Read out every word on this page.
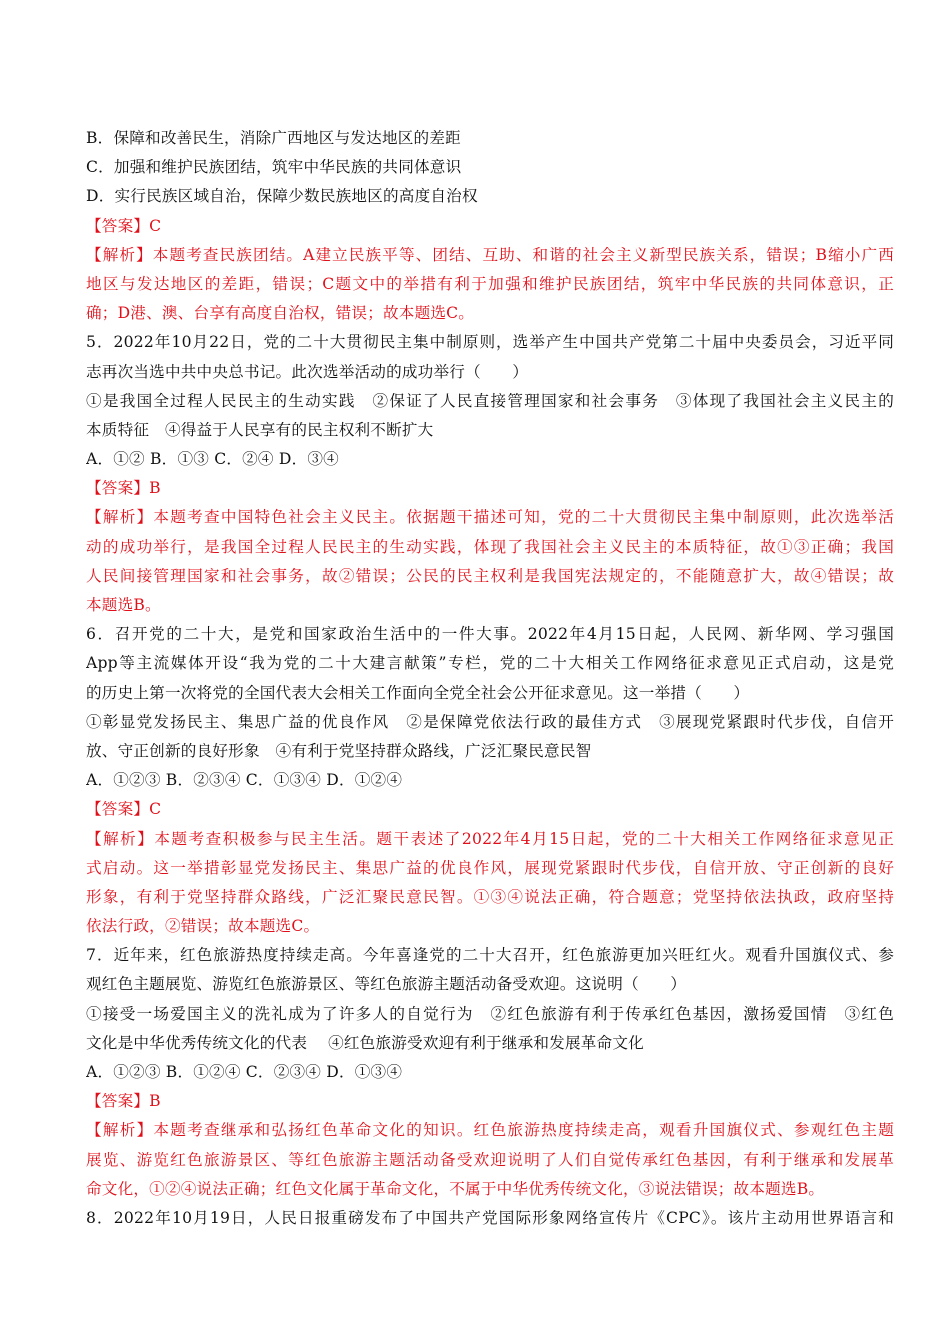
B．保障和改善民生，消除广西地区与发达地区的差距
C．加强和维护民族团结，筑牢中华民族的共同体意识
D．实行民族区域自治，保障少数民族地区的高度自治权
【答案】C
【解析】本题考查民族团结。A建立民族平等、团结、互助、和谐的社会主义新型民族关系，错误；B缩小广西
地区与发达地区的差距，错误；C题文中的举措有利于加强和维护民族团结，筑牢中华民族的共同体意识，正
确；D港、澳、台享有高度自治权，错误；故本题选C。
5．2022年10月22日，党的二十大贯彻民主集中制原则，选举产生中国共产党第二十届中央委员会，习近平同
志再次当选中共中央总书记。此次选举活动的成功举行（　　）
①是我国全过程人民民主的生动实践　②保证了人民直接管理国家和社会事务　③体现了我国社会主义民主的
本质特征　④得益于人民享有的民主权利不断扩大
A．①② B．①③ C．②④ D．③④
【答案】B
【解析】本题考查中国特色社会主义民主。依据题干描述可知，党的二十大贯彻民主集中制原则，此次选举活
动的成功举行，是我国全过程人民民主的生动实践，体现了我国社会主义民主的本质特征，故①③正确；我国
人民间接管理国家和社会事务，故②错误；公民的民主权利是我国宪法规定的，不能随意扩大，故④错误；故
本题选B。
6．召开党的二十大，是党和国家政治生活中的一件大事。2022年4月15日起，人民网、新华网、学习强国
App等主流媒体开设“我为党的二十大建言献策”专栏，党的二十大相关工作网络征求意见正式启动，这是党
的历史上第一次将党的全国代表大会相关工作面向全党全社会公开征求意见。这一举措（　　）
①彰显党发扬民主、集思广益的优良作风　②是保障党依法行政的最佳方式　③展现党紧跟时代步伐，自信开
放、守正创新的良好形象　④有利于党坚持群众路线，广泛汇聚民意民智
A．①②③ B．②③④ C．①③④ D．①②④
【答案】C
【解析】本题考查积极参与民主生活。题干表述了2022年4月15日起，党的二十大相关工作网络征求意见正
式启动。这一举措彰显党发扬民主、集思广益的优良作风，展现党紧跟时代步伐，自信开放、守正创新的良好
形象，有利于党坚持群众路线，广泛汇聚民意民智。①③④说法正确，符合题意；党坚持依法执政，政府坚持
依法行政，②错误；故本题选C。
7．近年来，红色旅游热度持续走高。今年喜逢党的二十大召开，红色旅游更加兴旺红火。观看升国旗仪式、参
观红色主题展览、游览红色旅游景区、等红色旅游主题活动备受欢迎。这说明（　　）
①接受一场爱国主义的洗礼成为了许多人的自觉行为　②红色旅游有利于传承红色基因，激扬爱国情　③红色
文化是中华优秀传统文化的代表　 ④红色旅游受欢迎有利于继承和发展革命文化
A．①②③ B．①②④ C．②③④ D．①③④
【答案】B
【解析】本题考查继承和弘扬红色革命文化的知识。红色旅游热度持续走高，观看升国旗仪式、参观红色主题
展览、游览红色旅游景区、等红色旅游主题活动备受欢迎说明了人们自觉传承红色基因，有利于继承和发展革
命文化，①②④说法正确；红色文化属于革命文化，不属于中华优秀传统文化，③说法错误；故本题选B。
8．2022年10月19日，人民日报重磅发布了中国共产党国际形象网络宣传片《CPC》。该片主动用世界语言和
